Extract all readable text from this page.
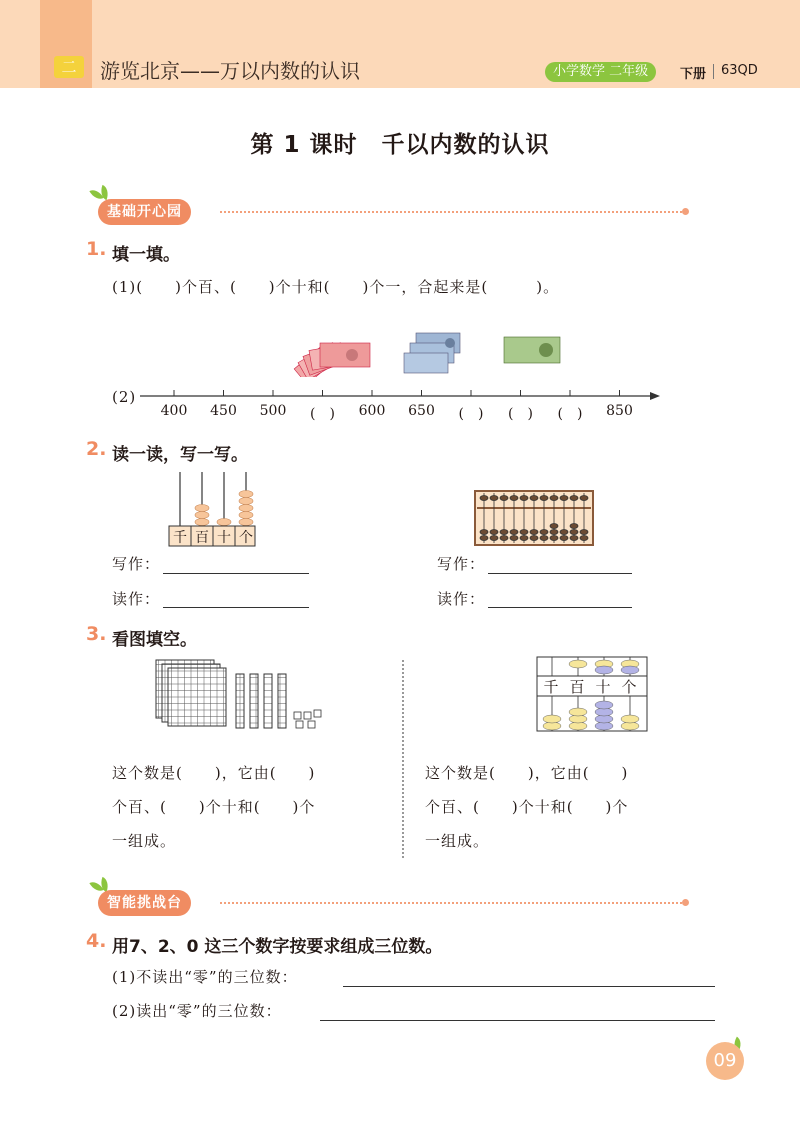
二	游览北京——万以内数的认识	小学数学 二年级	下册 63QD
第 1 课时　千以内数的认识
基础开心园
1. 填一填。
(1)(　　)个百、(　　)个十和(　　)个一，合起来是(　　　)。
(2)
400	450	500	(　)	600	650	(　)	(　)	(　)	850
2. 读一读，写一写。
千 百 十 个
写作：
读作：
写作：
读作：
3. 看图填空。
千 百 十 个
这个数是(　　)，它由(　　)
个百、(　　)个十和(　　)个
一组成。
这个数是(　　)，它由(　　)
个百、(　　)个十和(　　)个
一组成。
智能挑战台
4. 用7、2、0 这三个数字按要求组成三位数。
(1)不读出“零”的三位数：
(2)读出“零”的三位数：
09
